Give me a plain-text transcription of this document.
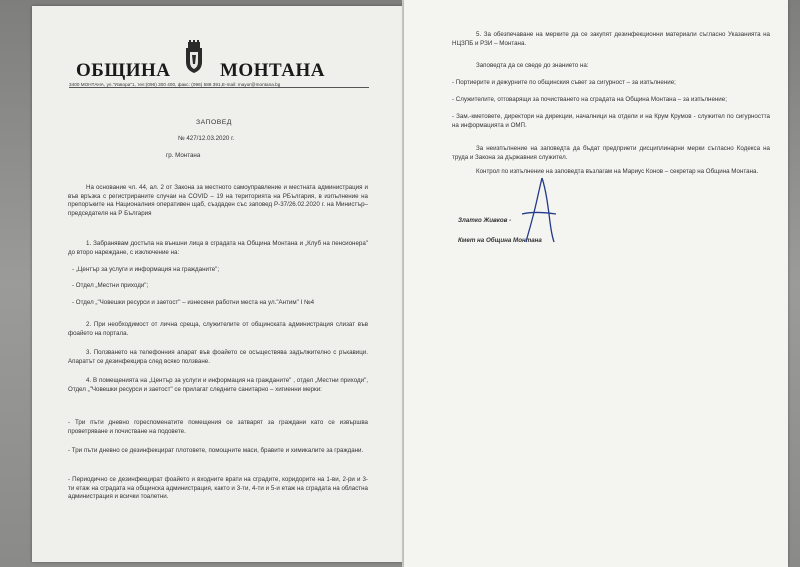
ОБЩИНА	МОНТАНА
3400 МОНТАНА, ул."Извора"1, тел:(096) 300 400, факс: (096) 588 391,E-mail: mayor@montana.bg
ЗАПОВЕД
№ 427/12.03.2020 г.
гр. Монтана
На основание чл. 44, ал. 2 от Закона за местното самоуправление и местната администрация и във връзка с регистрираните случаи на COVID – 19 на територията на РБългария, в изпълнение на препоръките на Националния оперативен щаб, създаден със заповед Р-37/26.02.2020 г. на Министър–председателя на Р България
1. Забранявам достъпа на външни лица в сградата на Община Монтана и „Клуб на пенсионера" до второ нареждане, с изключение на:
- „Център за услуги и информация на гражданите";
- Отдел „Местни приходи";
- Отдел „"Човешки ресурси и заетост" – изнесени работни места на ул."Антим" I №4
2. При необходимост от лична среща, служителите от общинската администрация слизат във фоайето на портала.
3. Ползването на телефонния апарат във фоайето се осъществява задължително с ръкавици. Апаратът се дезинфекцира след всяко ползване.
4. В помещенията на „Център за услуги и информация на гражданите" , отдел „Местни приходи", Отдел „"Човешки ресурси и заетост" се прилагат следните санитарно – хигиенни мерки:
- Три пъти дневно гореспоменатите помещения се затварят за граждани като се извършва проветряване и почистване на подовете.
- Три пъти дневно се дезинфекцират плотовете, помощните маси, бравите и химикалите за граждани.
- Периодично се дезинфекцират фоайето и входните врати на сградите, коридорите на 1-ви, 2-ри и 3-ти етаж на сградата на общинска администрация, както и 3-ти, 4-ти и 5-и етаж на сградата на областна администрация и всички тоалетни.
5. За обезпечаване на мерките да се закупят дезинфекционни материали съгласно Указанията на НЦЗПБ и РЗИ – Монтана.
Заповедта да се сведе до знанието на:
- Портиерите и дежурните по общинския съвет за сигурност – за изпълнение;
- Служителите, отговарящи за почистването на сградата на Община Монтана – за изпълнение;
- Зам.-кметовете, директори на дирекции, началници на отдели и на Крум Крумов - служител по сигурността на информацията и ОМП.
За неизпълнение на заповедта да бъдат предприети дисциплинарни мерки съгласно Кодекса на труда и Закона за държавния служител.
Контрол по изпълнение на заповедта възлагам на Мариус Конов – секретар на Община Монтана.
Златко Живков -
Кмет на Община Монтана
